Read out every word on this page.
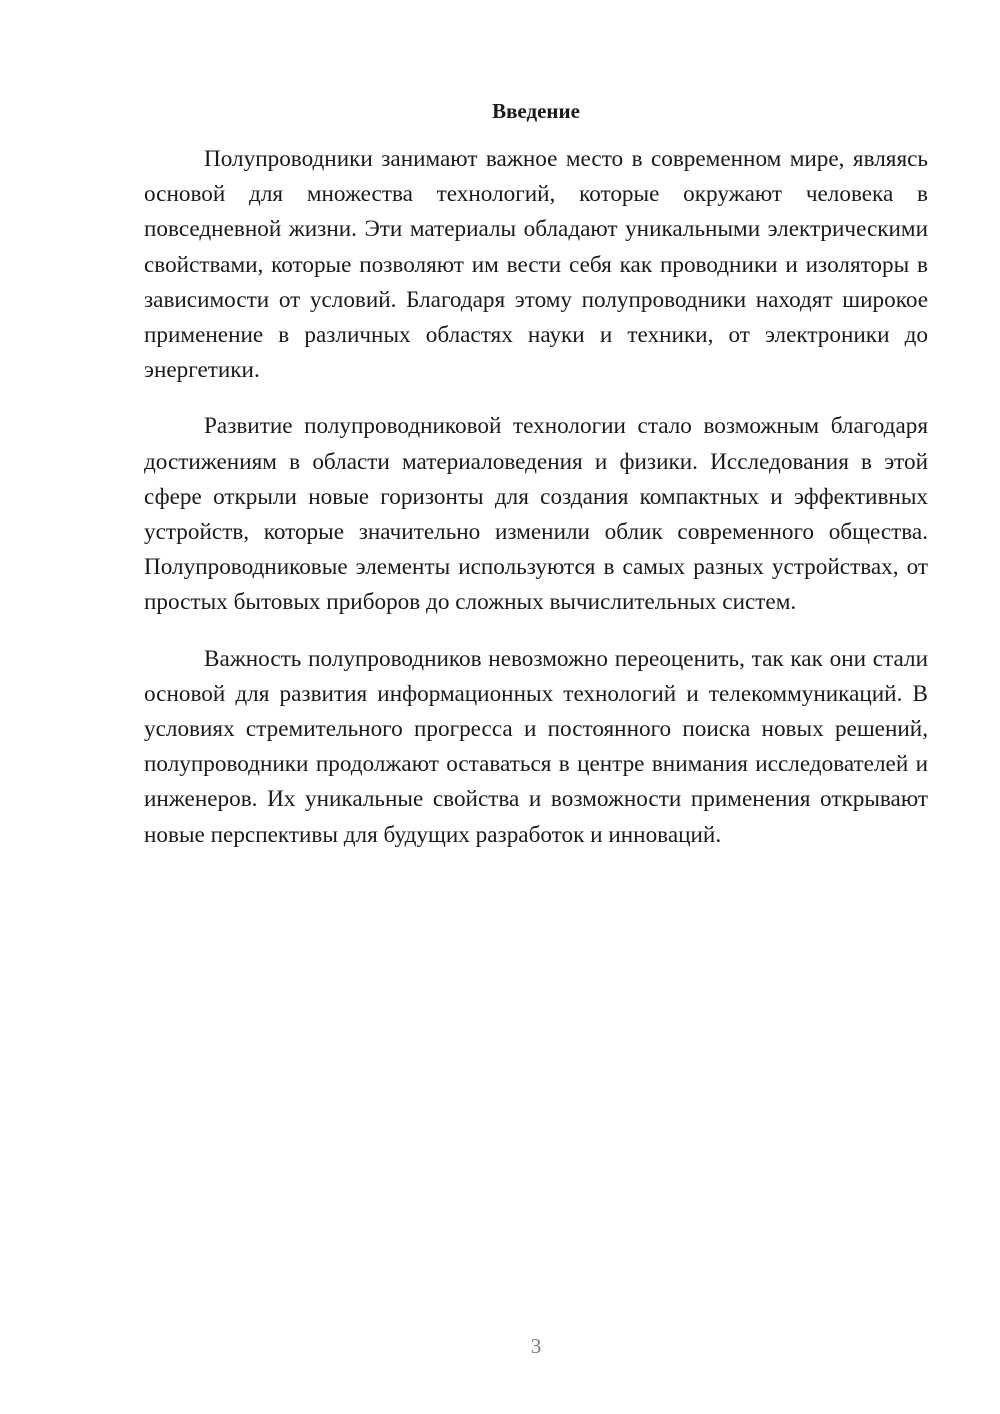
Введение

Полупроводники занимают важное место в современном мире, являясь основой для множества технологий, которые окружают человека в повседневной жизни. Эти материалы обладают уникальными электрическими свойствами, которые позволяют им вести себя как проводники и изоляторы в зависимости от условий. Благодаря этому полупроводники находят широкое применение в различных областях науки и техники, от электроники до энергетики.

Развитие полупроводниковой технологии стало возможным благодаря достижениям в области материаловедения и физики. Исследования в этой сфере открыли новые горизонты для создания компактных и эффективных устройств, которые значительно изменили облик современного общества. Полупроводниковые элементы используются в самых разных устройствах, от простых бытовых приборов до сложных вычислительных систем.

Важность полупроводников невозможно переоценить, так как они стали основой для развития информационных технологий и телекоммуникаций. В условиях стремительного прогресса и постоянного поиска новых решений, полупроводники продолжают оставаться в центре внимания исследователей и инженеров. Их уникальные свойства и возможности применения открывают новые перспективы для будущих разработок и инноваций.

3
